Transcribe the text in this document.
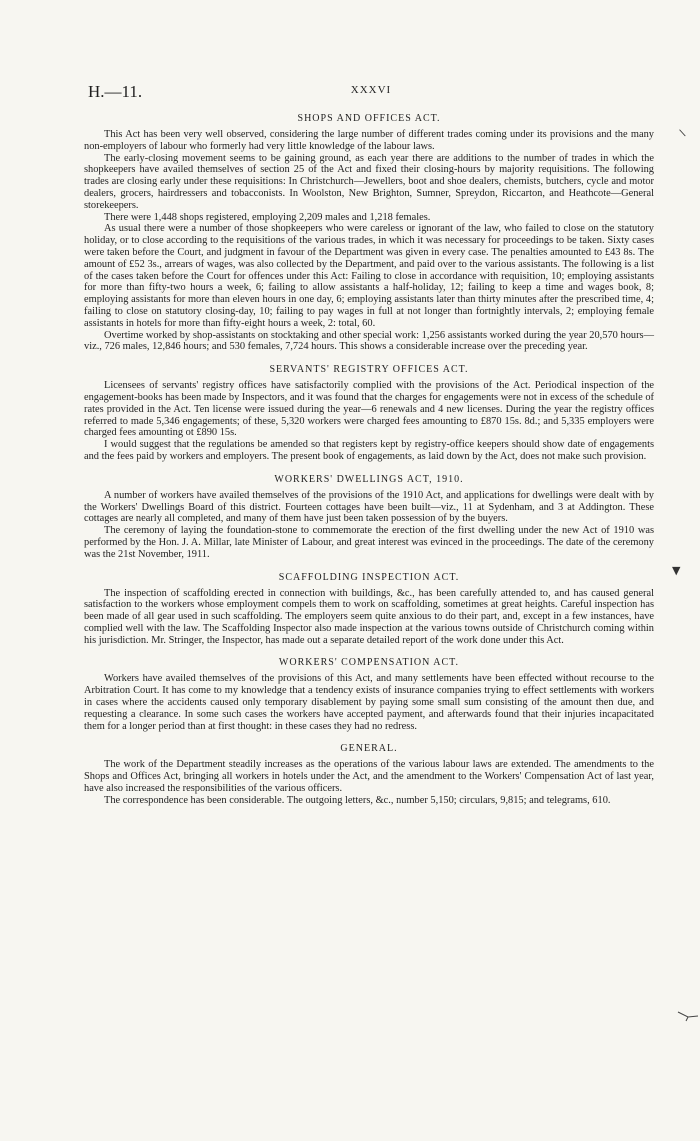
H.—11.	XXXVI
SHOPS AND OFFICES ACT.

This Act has been very well observed, considering the large number of different trades coming under its provisions and the many non-employers of labour who formerly had very little knowledge of the labour laws.

The early-closing movement seems to be gaining ground, as each year there are additions to the number of trades in which the shopkeepers have availed themselves of section 25 of the Act and fixed their closing-hours by majority requisitions. The following trades are closing early under these requisitions: In Christchurch—Jewellers, boot and shoe dealers, chemists, butchers, cycle and motor dealers, grocers, hairdressers and tobacconists. In Woolston, New Brighton, Sumner, Spreydon, Riccarton, and Heathcote—General storekeepers.

There were 1,448 shops registered, employing 2,209 males and 1,218 females.

As usual there were a number of those shopkeepers who were careless or ignorant of the law, who failed to close on the statutory holiday, or to close according to the requisitions of the various trades, in which it was necessary for proceedings to be taken. Sixty cases were taken before the Court, and judgment in favour of the Department was given in every case. The penalties amounted to £43 8s. The amount of £52 3s., arrears of wages, was also collected by the Department, and paid over to the various assistants. The following is a list of the cases taken before the Court for offences under this Act: Failing to close in accordance with requisition, 10; employing assistants for more than fifty-two hours a week, 6; failing to allow assistants a half-holiday, 12; failing to keep a time and wages book, 8; employing assistants for more than eleven hours in one day, 6; employing assistants later than thirty minutes after the prescribed time, 4; failing to close on statutory closing-day, 10; failing to pay wages in full at not longer than fortnightly intervals, 2; employing female assistants in hotels for more than fifty-eight hours a week, 2: total, 60.

Overtime worked by shop-assistants on stocktaking and other special work: 1,256 assistants worked during the year 20,570 hours—viz., 726 males, 12,846 hours; and 530 females, 7,724 hours. This shows a considerable increase over the preceding year.

SERVANTS' REGISTRY OFFICES ACT.

Licensees of servants' registry offices have satisfactorily complied with the provisions of the Act. Periodical inspection of the engagement-books has been made by Inspectors, and it was found that the charges for engagements were not in excess of the schedule of rates provided in the Act. Ten license were issued during the year—6 renewals and 4 new licenses. During the year the registry offices referred to made 5,346 engagements; of these, 5,320 workers were charged fees amounting to £870 15s. 8d.; and 5,335 employers were charged fees amounting ot £890 15s.

I would suggest that the regulations be amended so that registers kept by registry-office keepers should show date of engagements and the fees paid by workers and employers. The present book of engagements, as laid down by the Act, does not make such provision.

WORKERS' DWELLINGS ACT, 1910.

A number of workers have availed themselves of the provisions of the 1910 Act, and applications for dwellings were dealt with by the Workers' Dwellings Board of this district. Fourteen cottages have been built—viz., 11 at Sydenham, and 3 at Addington. These cottages are nearly all completed, and many of them have just been taken possession of by the buyers.

The ceremony of laying the foundation-stone to commemorate the erection of the first dwelling under the new Act of 1910 was performed by the Hon. J. A. Millar, late Minister of Labour, and great interest was evinced in the proceedings. The date of the ceremony was the 21st November, 1911.

SCAFFOLDING INSPECTION ACT.

The inspection of scaffolding erected in connection with buildings, &c., has been carefully attended to, and has caused general satisfaction to the workers whose employment compels them to work on scaffolding, sometimes at great heights. Careful inspection has been made of all gear used in such scaffolding. The employers seem quite anxious to do their part, and, except in a few instances, have complied well with the law. The Scaffolding Inspector also made inspection at the various towns outside of Christchurch coming within his jurisdiction. Mr. Stringer, the Inspector, has made out a separate detailed report of the work done under this Act.

WORKERS' COMPENSATION ACT.

Workers have availed themselves of the provisions of this Act, and many settlements have been effected without recourse to the Arbitration Court. It has come to my knowledge that a tendency exists of insurance companies trying to effect settlements with workers in cases where the accidents caused only temporary disablement by paying some small sum consisting of the amount then due, and requesting a clearance. In some such cases the workers have accepted payment, and afterwards found that their injuries incapacitated them for a longer period than at first thought: in these cases they had no redress.

GENERAL.

The work of the Department steadily increases as the operations of the various labour laws are extended. The amendments to the Shops and Offices Act, bringing all workers in hotels under the Act, and the amendment to the Workers' Compensation Act of last year, have also increased the responsibilities of the various officers.

The correspondence has been considerable. The outgoing letters, &c., number 5,150; circulars, 9,815; and telegrams, 610.

\
▼
